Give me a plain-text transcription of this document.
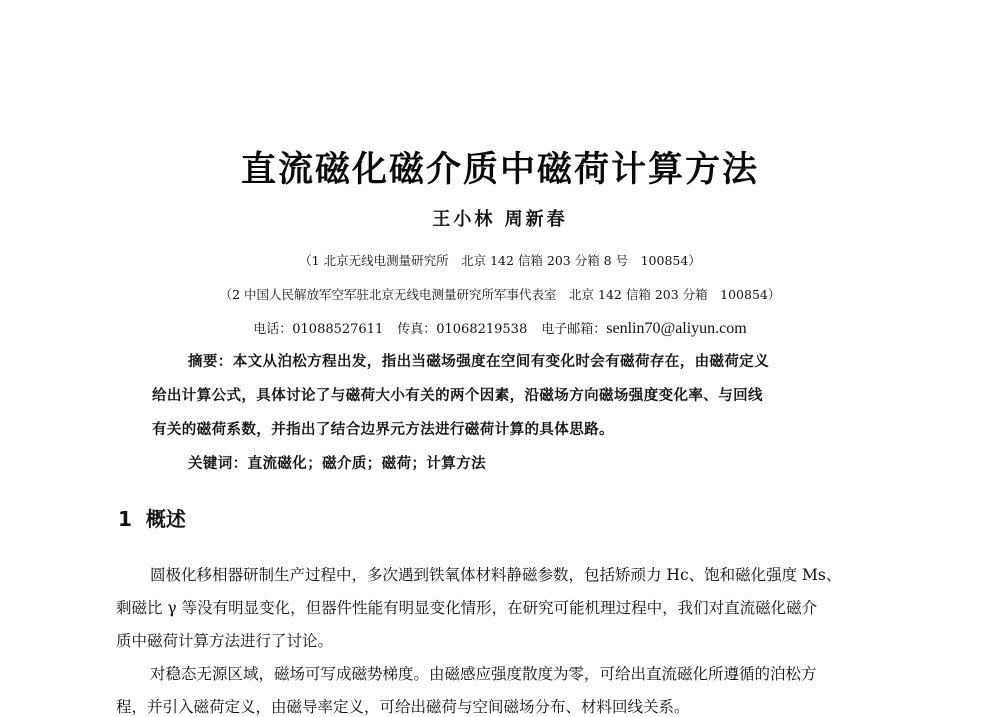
直流磁化磁介质中磁荷计算方法
王小林 周新春
（1 北京无线电测量研究所　北京 142 信箱 203 分箱 8 号　100854）
（2 中国人民解放军空军驻北京无线电测量研究所军事代表室　北京 142 信箱 203 分箱　100854）
电话：01088527611 传真：01068219538 电子邮箱：senlin70@aliyun.com
摘要：本文从泊松方程出发，指出当磁场强度在空间有变化时会有磁荷存在，由磁荷定义
给出计算公式，具体讨论了与磁荷大小有关的两个因素，沿磁场方向磁场强度变化率、与回线
有关的磁荷系数，并指出了结合边界元方法进行磁荷计算的具体思路。
关键词：直流磁化；磁介质；磁荷；计算方法
1 概述
圆极化移相器研制生产过程中，多次遇到铁氧体材料静磁参数，包括矫顽力 Hc、饱和磁化强度 Ms、
剩磁比 γ 等没有明显变化，但器件性能有明显变化情形，在研究可能机理过程中，我们对直流磁化磁介
质中磁荷计算方法进行了讨论。
对稳态无源区域，磁场可写成磁势梯度。由磁感应强度散度为零，可给出直流磁化所遵循的泊松方
程，并引入磁荷定义，由磁导率定义，可给出磁荷与空间磁场分布、材料回线关系。
